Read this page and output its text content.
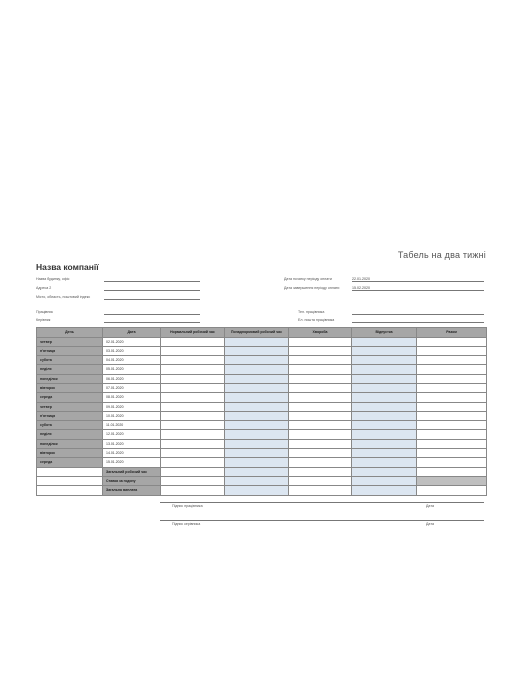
Табель на два тижні
Назва компанії
Назва будинку, офіс
Адреса 2
Місто, область, поштовий індекс
Дата початку періоду оплати	22.01.2020
Дата завершення періоду оплати	15.02.2020
Працівник
Керівник
Тел. працівника
Ел. пошта працівника
День	Дата	Нормальний робочий час	Понаднормовий робочий час	Хвороба	Відпустка	Разом
четвер	02.01.2020					
п'ятниця	03.01.2020					
субота	04.01.2020					
неділя	05.01.2020					
понеділок	06.01.2020					
вівторок	07.01.2020					
середа	08.01.2020					
четвер	09.01.2020					
п'ятниця	10.01.2020					
субота	11.01.2020					
неділя	12.01.2020					
понеділок	13.01.2020					
вівторок	14.01.2020					
середа	15.01.2020					
	Загальний робочий час					
	Ставка за годину					
	Загальна виплата					
Підпис працівника	Дата
Підпис керівника	Дата
